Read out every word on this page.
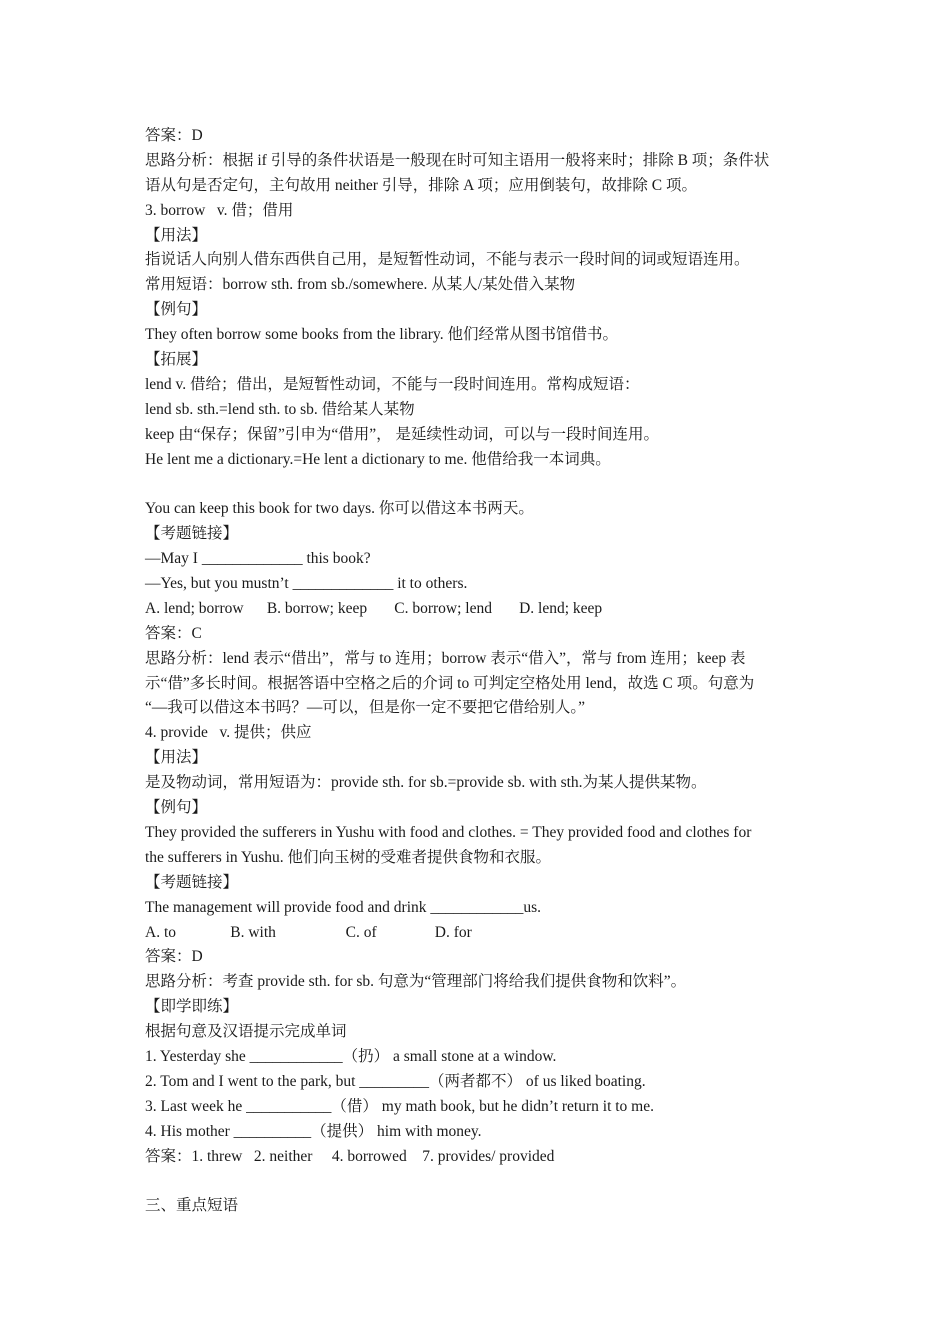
答案：D
思路分析：根据 if 引导的条件状语是一般现在时可知主语用一般将来时；排除 B 项；条件状
语从句是否定句，主句故用 neither 引导，排除 A 项；应用倒装句，故排除 C 项。
3. borrow   v. 借；借用
【用法】
指说话人向别人借东西供自己用，是短暂性动词，不能与表示一段时间的词或短语连用。
常用短语：borrow sth. from sb./somewhere. 从某人/某处借入某物
【例句】
They often borrow some books from the library. 他们经常从图书馆借书。
【拓展】
lend v. 借给；借出，是短暂性动词，不能与一段时间连用。常构成短语：
lend sb. sth.=lend sth. to sb. 借给某人某物
keep 由“保存；保留”引申为“借用”， 是延续性动词，可以与一段时间连用。
He lent me a dictionary.=He lent a dictionary to me. 他借给我一本词典。
You can keep this book for two days. 你可以借这本书两天。
【考题链接】
—May I _____________ this book?
—Yes, but you mustn’t _____________ it to others.
A. lend; borrow      B. borrow; keep       C. borrow; lend       D. lend; keep
答案：C
思路分析：lend 表示“借出”，常与 to 连用；borrow 表示“借入”，常与 from 连用；keep 表
示“借”多长时间。根据答语中空格之后的介词 to 可判定空格处用 lend，故选 C 项。句意为
“—我可以借这本书吗？—可以，但是你一定不要把它借给别人。”
4. provide   v. 提供；供应
【用法】
是及物动词，常用短语为：provide sth. for sb.=provide sb. with sth.为某人提供某物。
【例句】
They provided the sufferers in Yushu with food and clothes. = They provided food and clothes for
the sufferers in Yushu. 他们向玉树的受难者提供食物和衣服。
【考题链接】
The management will provide food and drink ____________us.
A. to              B. with                  C. of               D. for
答案：D
思路分析：考查 provide sth. for sb. 句意为“管理部门将给我们提供食物和饮料”。
【即学即练】
根据句意及汉语提示完成单词
1. Yesterday she ____________（扔） a small stone at a window.
2. Tom and I went to the park, but _________（两者都不） of us liked boating.
3. Last week he ___________（借） my math book, but he didn’t return it to me.
4. His mother __________（提供） him with money.
答案：1. threw   2. neither     4. borrowed    7. provides/ provided
三、重点短语
